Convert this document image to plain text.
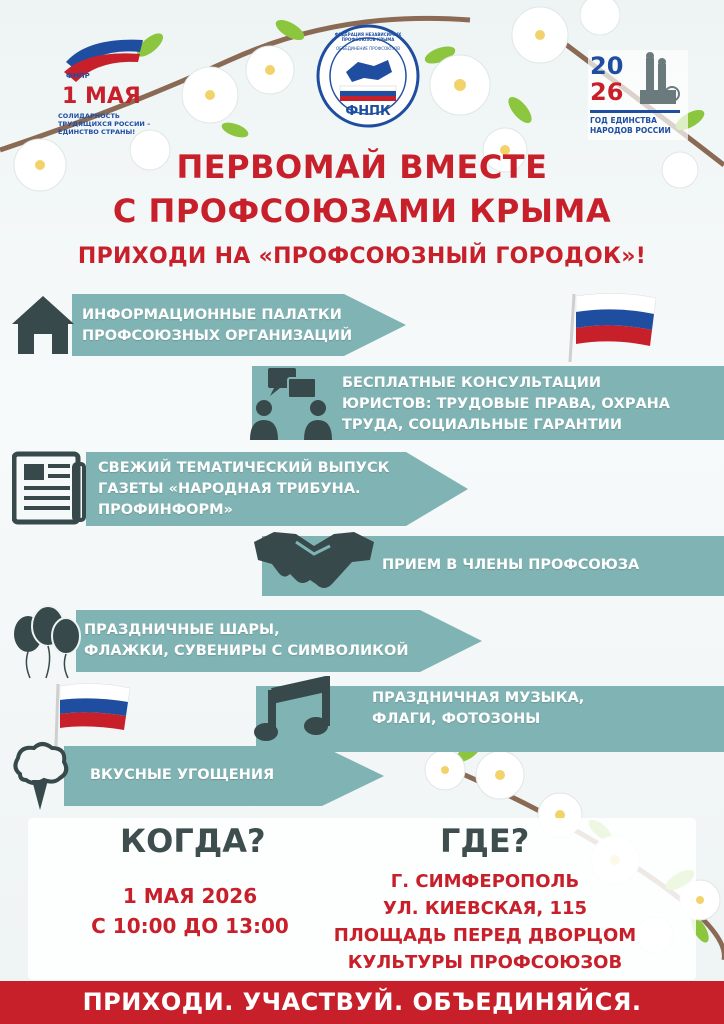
ФНПР
1 МАЯ
СОЛИДАРНОСТЬ
ТРУДЯЩИХСЯ РОССИИ –
ЕДИНСТВО СТРАНЫ!
ФЕДЕРАЦИЯ НЕЗАВИСИМЫХ ПРОФСОЮЗОВ КРЫМА
ОБЪЕДИНЕНИЕ ПРОФСОЮЗОВ
ФНПК
20
26
ГОД ЕДИНСТВА
НАРОДОВ РОССИИ
ПЕРВОМАЙ ВМЕСТЕ
С ПРОФСОЮЗАМИ КРЫМА
ПРИХОДИ НА «ПРОФСОЮЗНЫЙ ГОРОДОК»!
ИНФОРМАЦИОННЫЕ ПАЛАТКИ
ПРОФСОЮЗНЫХ ОРГАНИЗАЦИЙ
БЕСПЛАТНЫЕ КОНСУЛЬТАЦИИ
ЮРИСТОВ: ТРУДОВЫЕ ПРАВА, ОХРАНА
ТРУДА, СОЦИАЛЬНЫЕ ГАРАНТИИ
СВЕЖИЙ ТЕМАТИЧЕСКИЙ ВЫПУСК
ГАЗЕТЫ «НАРОДНАЯ ТРИБУНА.
ПРОФИНФОРМ»
ПРИЕМ В ЧЛЕНЫ ПРОФСОЮЗА
ПРАЗДНИЧНЫЕ ШАРЫ,
ФЛАЖКИ, СУВЕНИРЫ С СИМВОЛИКОЙ
ПРАЗДНИЧНАЯ МУЗЫКА,
ФЛАГИ, ФОТОЗОНЫ
ВКУСНЫЕ УГОЩЕНИЯ
КОГДА?
1 МАЯ 2026
С 10:00 ДО 13:00
ГДЕ?
Г. СИМФЕРОПОЛЬ
УЛ. КИЕВСКАЯ, 115
ПЛОЩАДЬ ПЕРЕД ДВОРЦОМ
КУЛЬТУРЫ ПРОФСОЮЗОВ
ПРИХОДИ. УЧАСТВУЙ. ОБЪЕДИНЯЙСЯ.
